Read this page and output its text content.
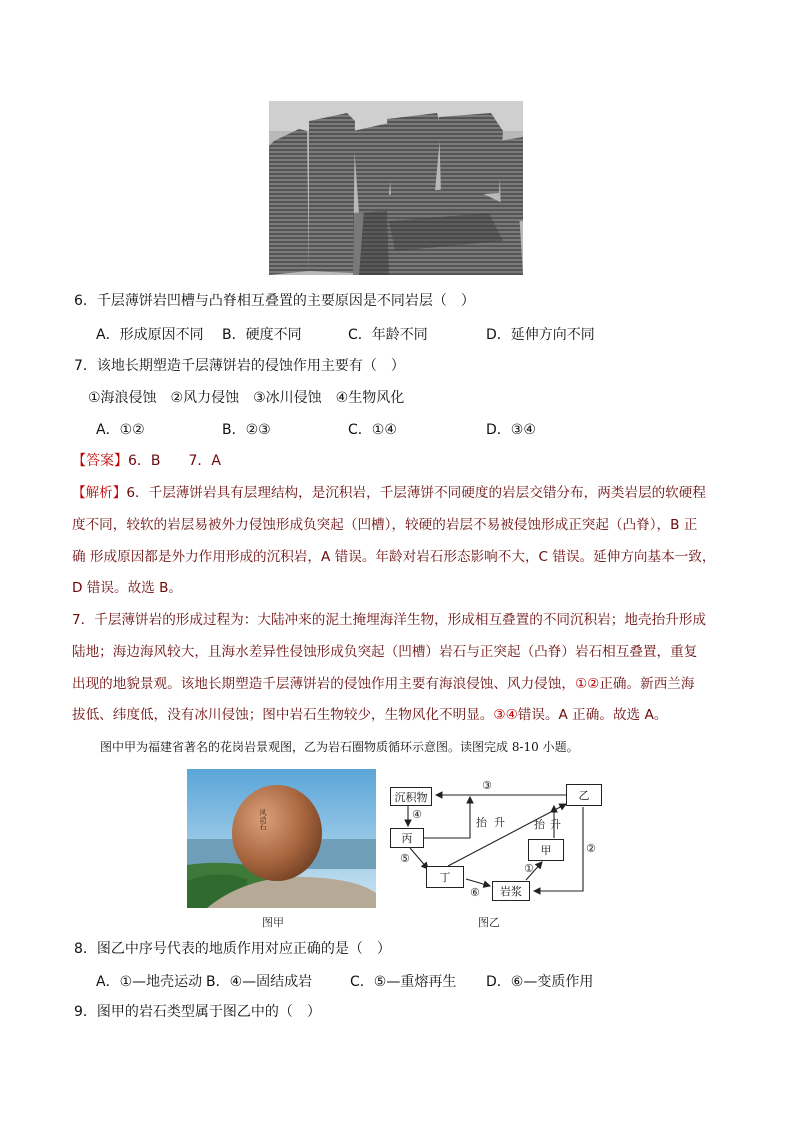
6．千层薄饼岩凹槽与凸脊相互叠置的主要原因是不同岩层（　）
A．形成原因不同 B．硬度不同	C．年龄不同	D．延伸方向不同
7．该地长期塑造千层薄饼岩的侵蚀作用主要有（　）
①海浪侵蚀　②风力侵蚀　③冰川侵蚀　④生物风化
A．①②	B．②③	C．①④	D．③④
【答案】6．B　　7．A
【解析】6．千层薄饼岩具有层理结构，是沉积岩，千层薄饼不同硬度的岩层交错分布，两类岩层的软硬程
度不同，较软的岩层易被外力侵蚀形成负突起（凹槽），较硬的岩层不易被侵蚀形成正突起（凸脊），B 正
确 形成原因都是外力作用形成的沉积岩，A 错误。年龄对岩石形态影响不大，C 错误。延伸方向基本一致，
D 错误。故选 B。
7．千层薄饼岩的形成过程为：大陆冲来的泥土掩埋海洋生物，形成相互叠置的不同沉积岩；地壳抬升形成
陆地；海边海风较大，且海水差异性侵蚀形成负突起（凹槽）岩石与正突起（凸脊）岩石相互叠置，重复
出现的地貌景观。该地长期塑造千层薄饼岩的侵蚀作用主要有海浪侵蚀、风力侵蚀，①②正确。新西兰海
拔低、纬度低，没有冰川侵蚀；图中岩石生物较少，生物风化不明显。③④错误。A 正确。故选 A。
图中甲为福建省著名的花岗岩景观图，乙为岩石圈物质循环示意图。读图完成 8-10 小题。
风动石
图甲
沉积物
丙
丁
岩浆
甲
乙
③
④
⑤
⑥
①
②
抬 升	抬 升
图乙
8．图乙中序号代表的地质作用对应正确的是（　）
A．①—地壳运动 B．④—固结成岩	C．⑤—重熔再生 D．⑥—变质作用
9．图甲的岩石类型属于图乙中的（　）
